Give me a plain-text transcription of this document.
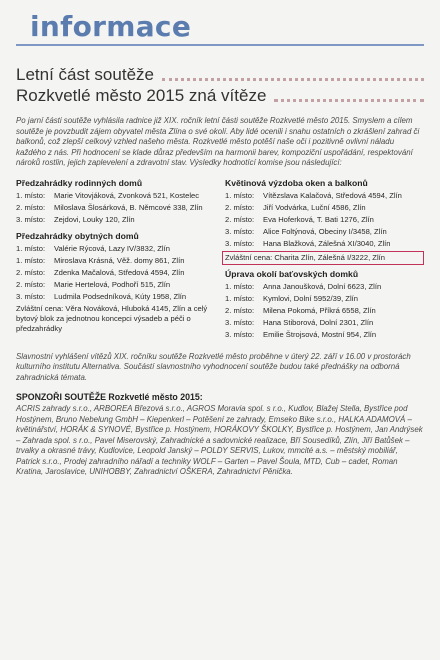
informace
Letní část soutěže
Rozkvetlé město 2015 zná vítěze
Po jarní části soutěže vyhlásila radnice již XIX. ročník letní části soutěže Rozkvetlé město 2015. Smyslem a cílem soutěže je povzbudit zájem obyvatel města Zlína o své okolí. Aby lidé ocenili i snahu ostatních o zkrášlení zahrad či balkonů, což zlepší celkový vzhled našeho města. Rozkvetlé město potěší naše oči i pozitivně ovlivní náladu každého z nás. Při hodnocení se klade důraz především na harmonii barev, kompoziční uspořádání, respektování nároků rostlin, jejich zaplevelení a zdravotní stav. Výsledky hodnotící komise jsou následující:
Předzahrádky rodinných domů
1. místo:	Marie Vitovjáková, Zvonková 521, Kostelec
2. místo:	Miloslava Šlosárková, B. Němcové 338, Zlín
3. místo:	Zejdovi, Louky 120, Zlín
Předzahrádky obytných domů
1. místo:	Valérie Rýcová, Lazy IV/3832, Zlín
1. místo:	Miroslava Krásná, Věž. domy 861, Zlín
2. místo:	Zdenka Mačalová, Středová 4594, Zlín
2. místo:	Marie Hertelová, Podhoří 515, Zlín
3. místo:	Ludmila Podsedníková, Kúty 1958, Zlín
Zvláštní cena: Věra Nováková, Hluboká 4145, Zlín a celý bytový blok za jednotnou koncepci výsadeb a péči o předzahrádky
Květinová výzdoba oken a balkonů
1. místo:	Vítězslava Kalačová, Středová 4594, Zlín
2. místo:	Jiří Vodvárka, Luční 4586, Zlín
2. místo:	Eva Hoferková, T. Bati 1276, Zlín
3. místo:	Alice Foltýnová, Obeciny I/3458, Zlín
3. místo:	Hana Blažková, Zálešná XI/3040, Zlín
Zvláštní cena: Charita Zlín, Zálešná I/3222, Zlín
Úprava okolí baťovských domků
1. místo:	Anna Janoušková, Dolní 6623, Zlín
1. místo:	Kymlovi, Dolní 5952/39, Zlín
2. místo:	Milena Pokomá, Příkrá 6558, Zlín
3. místo:	Hana Stiborová, Dolní 2301, Zlín
3. místo:	Emilie Štrojsová, Mostní 954, Zlín
Slavnostní vyhlášení vítězů XIX. ročníku soutěže Rozkvetlé město proběhne v úterý 22. září v 16.00 v prostorách kulturního institutu Alternativa. Součástí slavnostního vyhodnocení soutěže budou také přednášky na odborná zahradnická témata.
SPONZOŘI SOUTĚŽE Rozkvetlé město 2015:
ACRIS zahrady s.r.o., ARBOREA Březová s.r.o., AGROS Moravia spol. s r.o., Kudlov, Blažej Stella, Bystřice pod Hostýnem, Bruno Nebelung GmbH – Kiepenkerl – Potěšení ze zahrady, Emseko Bike s.r.o., HALKA ADAMOVÁ – květinářství, HORÁK & SYNOVÉ, Bystřice p. Hostýnem, HORÁKOVY ŠKOLKY, Bystřice p. Hostýnem, Jan Andrýsek – Zahrada spol. s r.o., Pavel Miserovský, Zahradnické a sadovnické realizace, Bří Sousedíků, Zlín, Jiří Batůšek – trvalky a okrasné trávy, Kudlovice, Leopold Janský – POLDY SERVIS, Lukov, mmcité a.s. – městský mobiliář, Patrick s.r.o., Prodej zahradního nářadí a techniky WOLF – Garten – Pavel Šoula, MTD, Cub – cadet, Roman Kratina, Jaroslavice, UNIHOBBY, Zahradnictví OŠKERA, Zahradnictví Pěnička.
